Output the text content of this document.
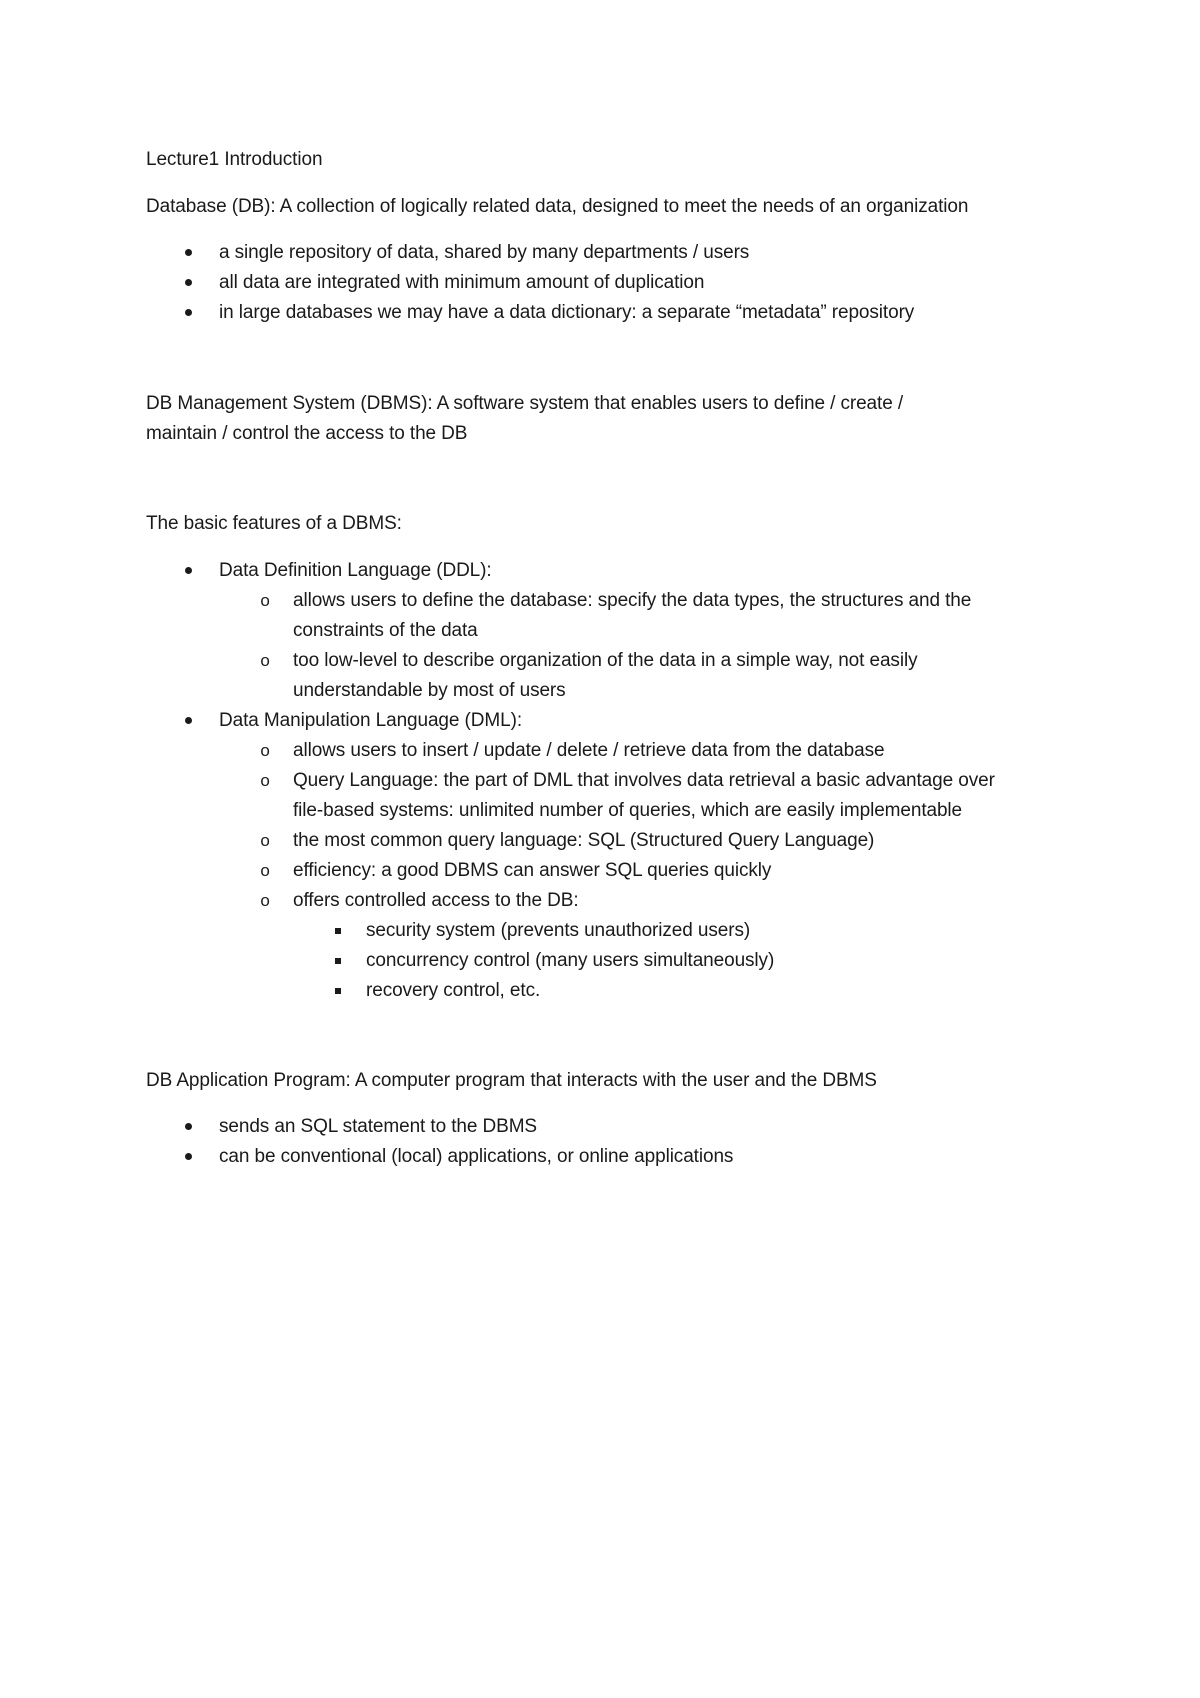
Lecture1 Introduction
Database (DB): A collection of logically related data, designed to meet the needs of an organization
a single repository of data, shared by many departments / users
all data are integrated with minimum amount of duplication
in large databases we may have a data dictionary: a separate “metadata” repository
DB Management System (DBMS): A software system that enables users to define / create /
maintain / control the access to the DB
The basic features of a DBMS:
Data Definition Language (DDL):
o	allows users to define the database: specify the data types, the structures and the
constraints of the data
o	too low-level to describe organization of the data in a simple way, not easily
understandable by most of users
Data Manipulation Language (DML):
o	allows users to insert / update / delete / retrieve data from the database
o	Query Language: the part of DML that involves data retrieval a basic advantage over
file-based systems: unlimited number of queries, which are easily implementable
o	the most common query language: SQL (Structured Query Language)
o	efficiency: a good DBMS can answer SQL queries quickly
o	offers controlled access to the DB:
security system (prevents unauthorized users)
concurrency control (many users simultaneously)
recovery control, etc.
DB Application Program: A computer program that interacts with the user and the DBMS
sends an SQL statement to the DBMS
can be conventional (local) applications, or online applications
